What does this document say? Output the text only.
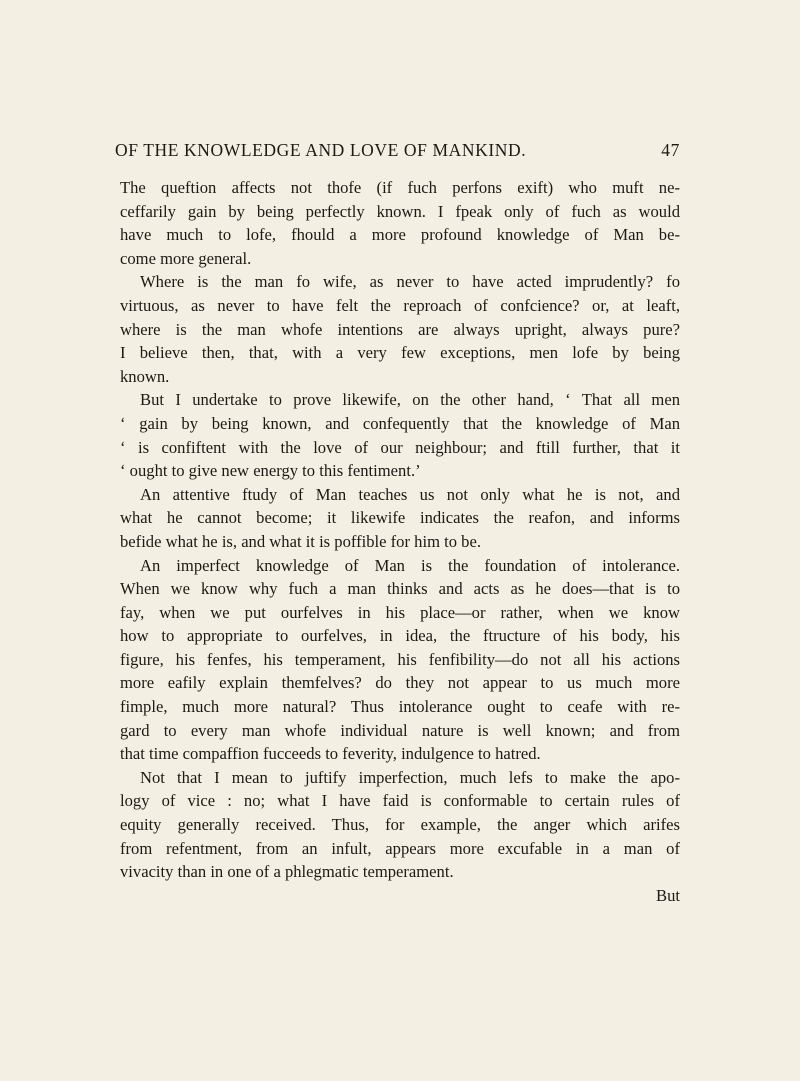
OF THE KNOWLEDGE AND LOVE OF MANKIND.	47
The queftion affects not thofe (if fuch perfons exift) who muft ne-
ceffarily gain by being perfectly known. I fpeak only of fuch as would
have much to lofe, fhould a more profound knowledge of Man be-
come more general.
Where is the man fo wife, as never to have acted imprudently? fo
virtuous, as never to have felt the reproach of confcience? or, at leaft,
where is the man whofe intentions are always upright, always pure?
I believe then, that, with a very few exceptions, men lofe by being
known.
But I undertake to prove likewife, on the other hand, ‘ That all men
‘ gain by being known, and confequently that the knowledge of Man
‘ is confiftent with the love of our neighbour; and ftill further, that it
‘ ought to give new energy to this fentiment.’
An attentive ftudy of Man teaches us not only what he is not, and
what he cannot become; it likewife indicates the reafon, and informs
befide what he is, and what it is poffible for him to be.
An imperfect knowledge of Man is the foundation of intolerance.
When we know why fuch a man thinks and acts as he does—that is to
fay, when we put ourfelves in his place—or rather, when we know
how to appropriate to ourfelves, in idea, the ftructure of his body, his
figure, his fenfes, his temperament, his fenfibility—do not all his actions
more eafily explain themfelves? do they not appear to us much more
fimple, much more natural? Thus intolerance ought to ceafe with re-
gard to every man whofe individual nature is well known; and from
that time compaffion fucceeds to feverity, indulgence to hatred.
Not that I mean to juftify imperfection, much lefs to make the apo-
logy of vice : no; what I have faid is conformable to certain rules of
equity generally received. Thus, for example, the anger which arifes
from refentment, from an infult, appears more excufable in a man of
vivacity than in one of a phlegmatic temperament.
But
